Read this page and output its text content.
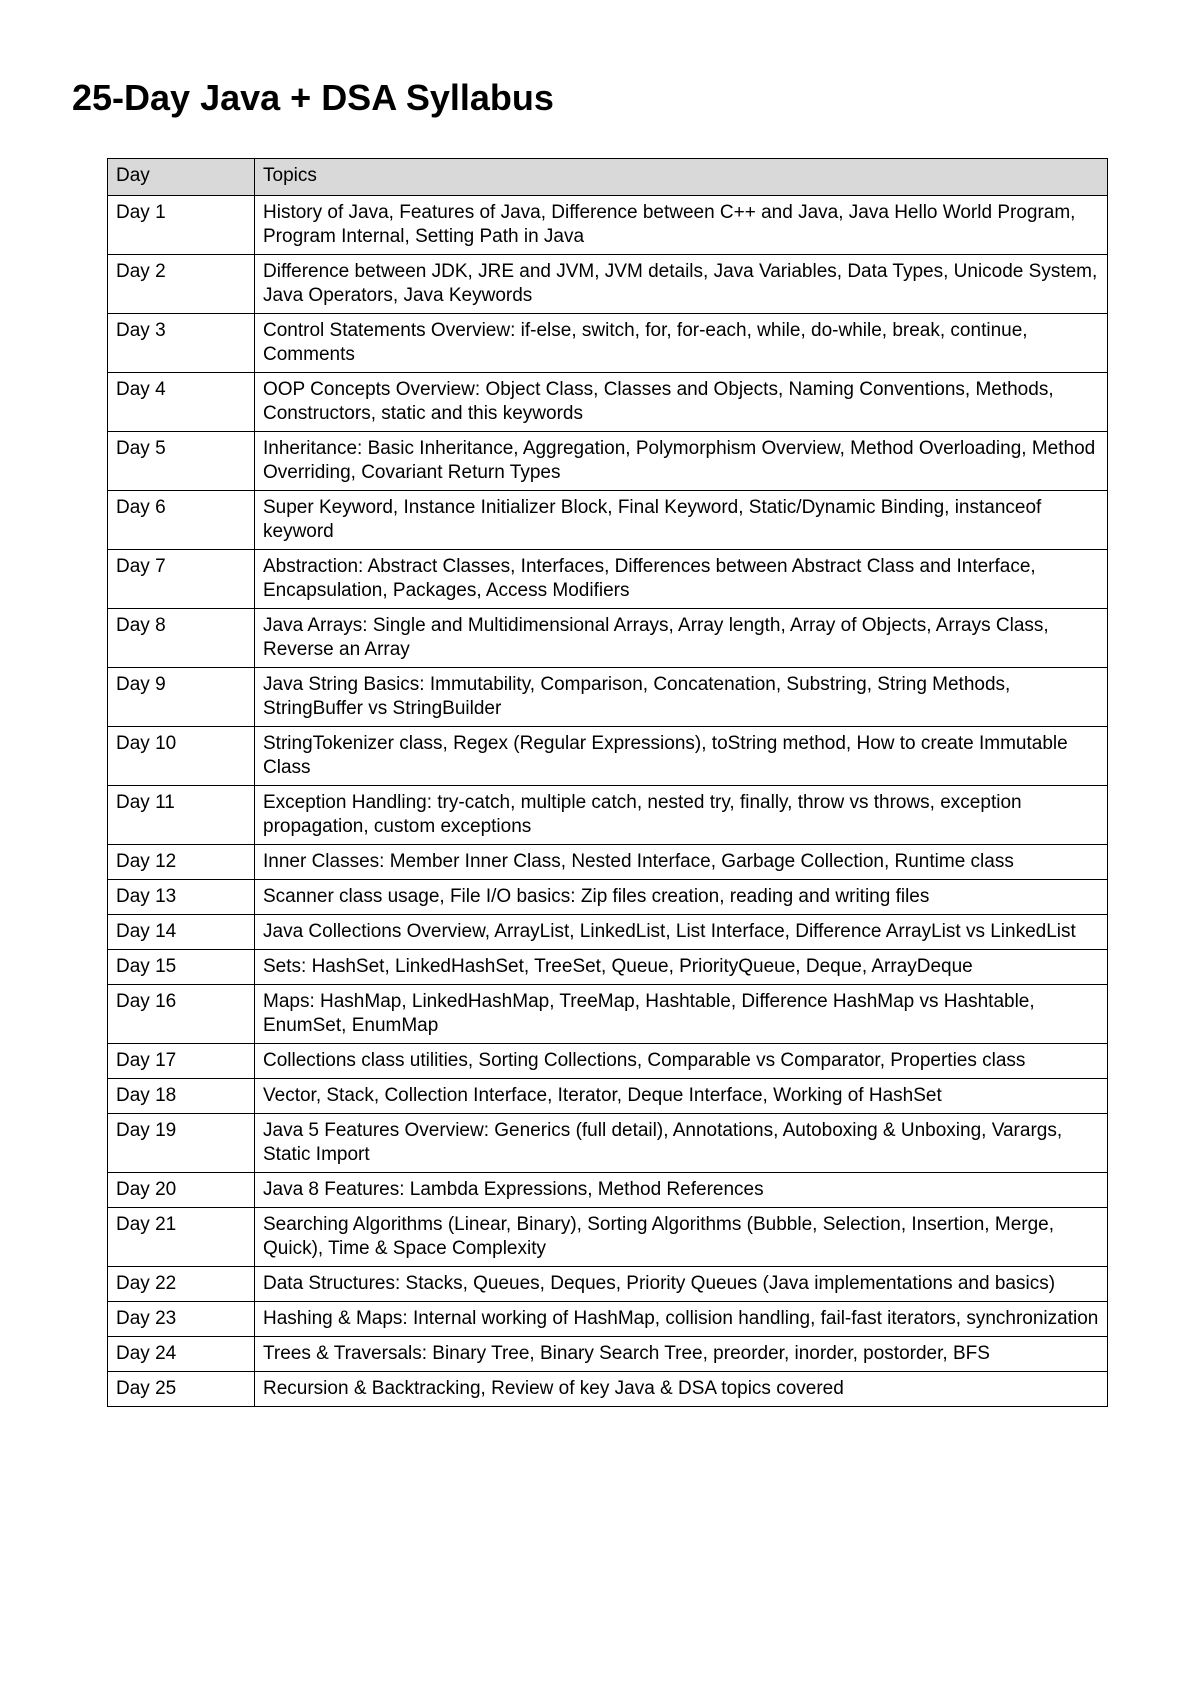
25-Day Java + DSA Syllabus
Day	Topics
Day 1	History of Java, Features of Java, Difference between C++ and Java, Java Hello World Program, Program Internal, Setting Path in Java
Day 2	Difference between JDK, JRE and JVM, JVM details, Java Variables, Data Types, Unicode System, Java Operators, Java Keywords
Day 3	Control Statements Overview: if-else, switch, for, for-each, while, do-while, break, continue, Comments
Day 4	OOP Concepts Overview: Object Class, Classes and Objects, Naming Conventions, Methods, Constructors, static and this keywords
Day 5	Inheritance: Basic Inheritance, Aggregation, Polymorphism Overview, Method Overloading, Method Overriding, Covariant Return Types
Day 6	Super Keyword, Instance Initializer Block, Final Keyword, Static/Dynamic Binding, instanceof keyword
Day 7	Abstraction: Abstract Classes, Interfaces, Differences between Abstract Class and Interface, Encapsulation, Packages, Access Modifiers
Day 8	Java Arrays: Single and Multidimensional Arrays, Array length, Array of Objects, Arrays Class, Reverse an Array
Day 9	Java String Basics: Immutability, Comparison, Concatenation, Substring, String Methods, StringBuffer vs StringBuilder
Day 10	StringTokenizer class, Regex (Regular Expressions), toString method, How to create Immutable Class
Day 11	Exception Handling: try-catch, multiple catch, nested try, finally, throw vs throws, exception propagation, custom exceptions
Day 12	Inner Classes: Member Inner Class, Nested Interface, Garbage Collection, Runtime class
Day 13	Scanner class usage, File I/O basics: Zip files creation, reading and writing files
Day 14	Java Collections Overview, ArrayList, LinkedList, List Interface, Difference ArrayList vs LinkedList
Day 15	Sets: HashSet, LinkedHashSet, TreeSet, Queue, PriorityQueue, Deque, ArrayDeque
Day 16	Maps: HashMap, LinkedHashMap, TreeMap, Hashtable, Difference HashMap vs Hashtable, EnumSet, EnumMap
Day 17	Collections class utilities, Sorting Collections, Comparable vs Comparator, Properties class
Day 18	Vector, Stack, Collection Interface, Iterator, Deque Interface, Working of HashSet
Day 19	Java 5 Features Overview: Generics (full detail), Annotations, Autoboxing & Unboxing, Varargs, Static Import
Day 20	Java 8 Features: Lambda Expressions, Method References
Day 21	Searching Algorithms (Linear, Binary), Sorting Algorithms (Bubble, Selection, Insertion, Merge, Quick), Time & Space Complexity
Day 22	Data Structures: Stacks, Queues, Deques, Priority Queues (Java implementations and basics)
Day 23	Hashing & Maps: Internal working of HashMap, collision handling, fail-fast iterators, synchronization
Day 24	Trees & Traversals: Binary Tree, Binary Search Tree, preorder, inorder, postorder, BFS
Day 25	Recursion & Backtracking, Review of key Java & DSA topics covered
